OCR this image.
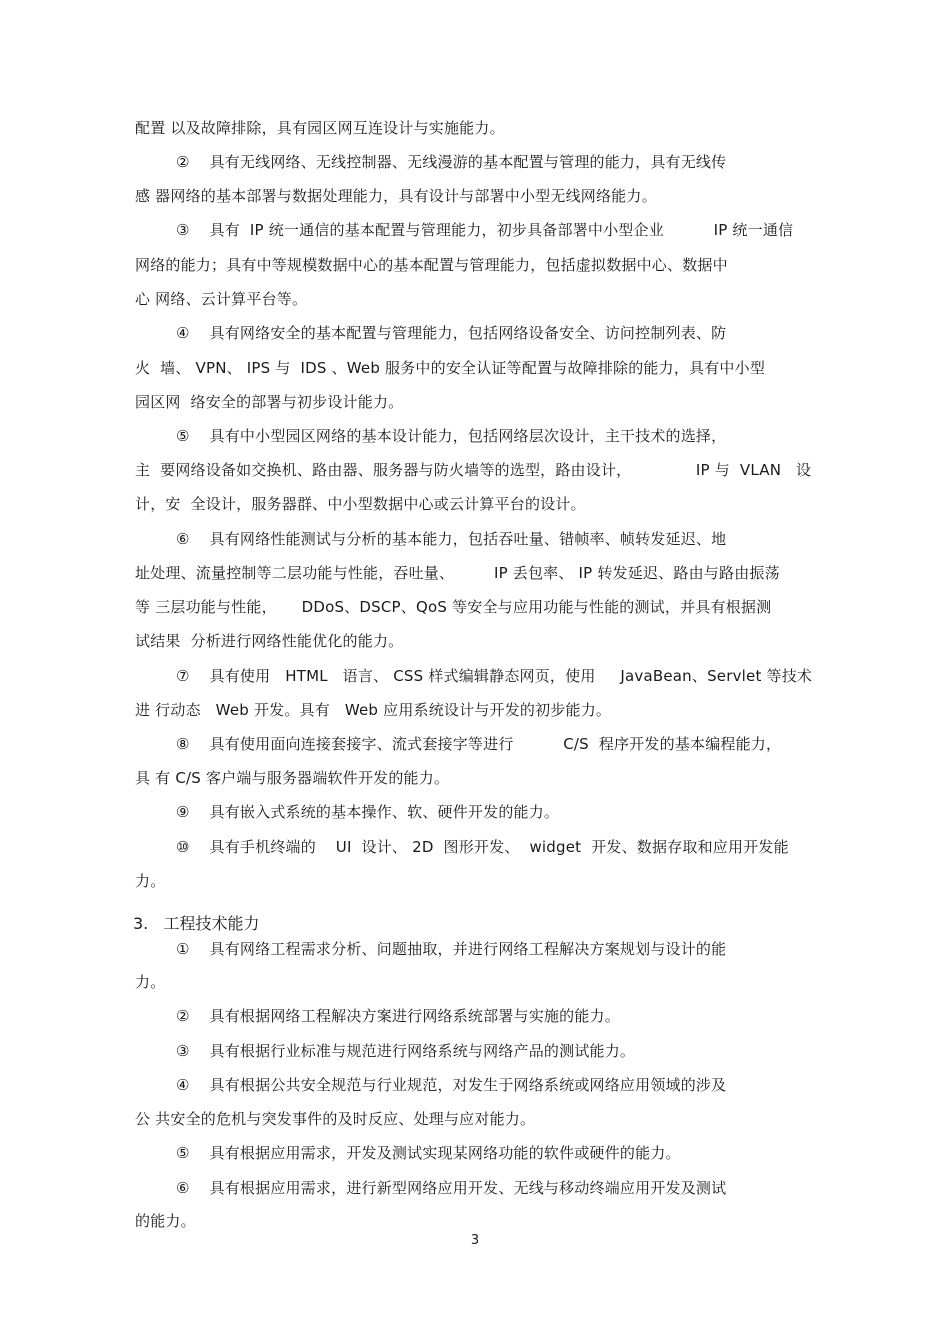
配置 以及故障排除，具有园区网互连设计与实施能力。
②    具有无线网络、无线控制器、无线漫游的基本配置与管理的能力，具有无线传
感 器网络的基本部署与数据处理能力，具有设计与部署中小型无线网络能力。
③    具有  IP 统一通信的基本配置与管理能力，初步具备部署中小型企业          IP 统一通信
网络的能力；具有中等规模数据中心的基本配置与管理能力，包括虚拟数据中心、数据中
心 网络、云计算平台等。
④    具有网络安全的基本配置与管理能力，包括网络设备安全、访问控制列表、防
火  墙、 VPN、 IPS 与  IDS 、Web 服务中的安全认证等配置与故障排除的能力，具有中小型
园区网  络安全的部署与初步设计能力。
⑤    具有中小型园区网络的基本设计能力，包括网络层次设计，主干技术的选择，
主  要网络设备如交换机、路由器、服务器与防火墙等的选型，路由设计，             IP 与  VLAN   设
计，安  全设计，服务器群、中小型数据中心或云计算平台的设计。
⑥    具有网络性能测试与分析的基本能力，包括吞吐量、错帧率、帧转发延迟、地
址处理、流量控制等二层功能与性能，吞吐量、        IP 丢包率、 IP 转发延迟、路由与路由振荡
等 三层功能与性能，     DDoS、DSCP、QoS 等安全与应用功能与性能的测试，并具有根据测
试结果  分析进行网络性能优化的能力。
⑦    具有使用   HTML   语言、 CSS 样式编辑静态网页，使用     JavaBean、Servlet 等技术
进 行动态   Web 开发。具有   Web 应用系统设计与开发的初步能力。
⑧    具有使用面向连接套接字、流式套接字等进行          C/S  程序开发的基本编程能力，
具 有 C/S 客户端与服务器端软件开发的能力。
⑨    具有嵌入式系统的基本操作、软、硬件开发的能力。
⑩    具有手机终端的    UI  设计、 2D  图形开发、  widget  开发、数据存取和应用开发能
力。
3.   工程技术能力
①    具有网络工程需求分析、问题抽取，并进行网络工程解决方案规划与设计的能
力。
②    具有根据网络工程解决方案进行网络系统部署与实施的能力。
③    具有根据行业标准与规范进行网络系统与网络产品的测试能力。
④    具有根据公共安全规范与行业规范，对发生于网络系统或网络应用领域的涉及
公 共安全的危机与突发事件的及时反应、处理与应对能力。
⑤    具有根据应用需求，开发及测试实现某网络功能的软件或硬件的能力。
⑥    具有根据应用需求，进行新型网络应用开发、无线与移动终端应用开发及测试
的能力。
3
